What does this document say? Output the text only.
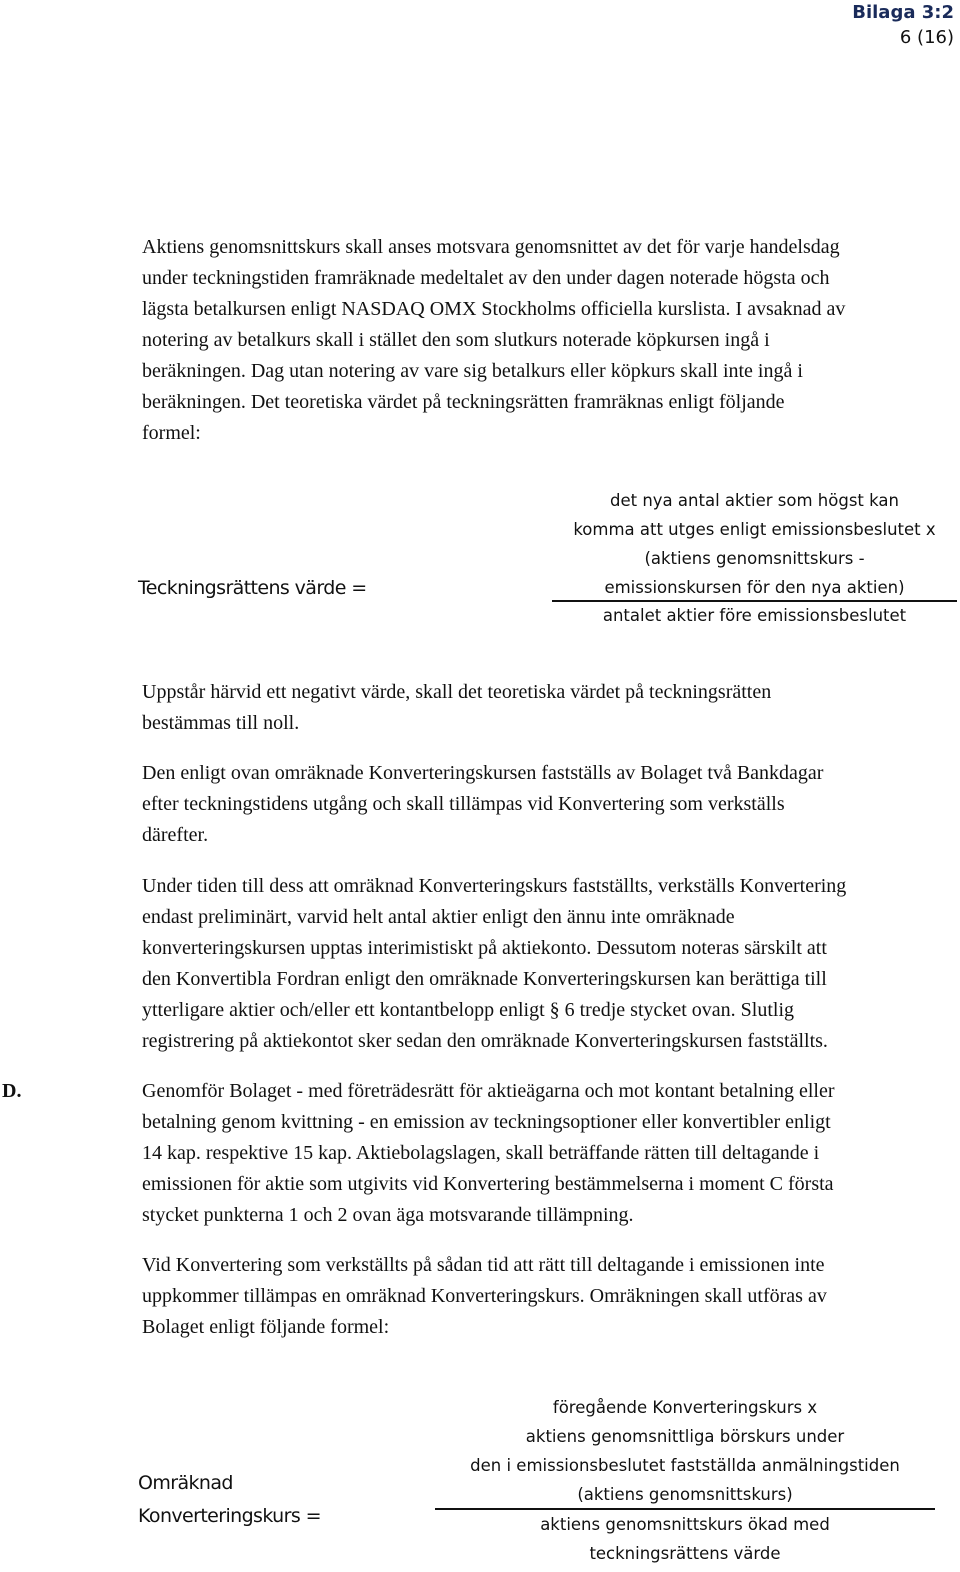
Bilaga 3:2
6 (16)
Aktiens genomsnittskurs skall anses motsvara genomsnittet av det för varje handelsdag
under teckningstiden framräknade medeltalet av den under dagen noterade högsta och
lägsta betalkursen enligt NASDAQ OMX Stockholms officiella kurslista. I avsaknad av
notering av betalkurs skall i stället den som slutkurs noterade köpkursen ingå i
beräkningen. Dag utan notering av vare sig betalkurs eller köpkurs skall inte ingå i
beräkningen. Det teoretiska värdet på teckningsrätten framräknas enligt följande
formel:
Teckningsrättens värde =
det nya antal aktier som högst kan
komma att utges enligt emissionsbeslutet x
(aktiens genomsnittskurs -
emissionskursen för den nya aktien)
antalet aktier före emissionsbeslutet
Uppstår härvid ett negativt värde, skall det teoretiska värdet på teckningsrätten
bestämmas till noll.
Den enligt ovan omräknade Konverteringskursen fastställs av Bolaget två Bankdagar
efter teckningstidens utgång och skall tillämpas vid Konvertering som verkställs
därefter.
Under tiden till dess att omräknad Konverteringskurs fastställts, verkställs Konvertering
endast preliminärt, varvid helt antal aktier enligt den ännu inte omräknade
konverteringskursen upptas interimistiskt på aktiekonto. Dessutom noteras särskilt att
den Konvertibla Fordran enligt den omräknade Konverteringskursen kan berättiga till
ytterligare aktier och/eller ett kontantbelopp enligt § 6 tredje stycket ovan. Slutlig
registrering på aktiekontot sker sedan den omräknade Konverteringskursen fastställts.
D.	Genomför Bolaget - med företrädesrätt för aktieägarna och mot kontant betalning eller
betalning genom kvittning - en emission av teckningsoptioner eller konvertibler enligt
14 kap. respektive 15 kap. Aktiebolagslagen, skall beträffande rätten till deltagande i
emissionen för aktie som utgivits vid Konvertering bestämmelserna i moment C första
stycket punkterna 1 och 2 ovan äga motsvarande tillämpning.
Vid Konvertering som verkställts på sådan tid att rätt till deltagande i emissionen inte
uppkommer tillämpas en omräknad Konverteringskurs. Omräkningen skall utföras av
Bolaget enligt följande formel:
Omräknad
Konverteringskurs =
föregående Konverteringskurs x
aktiens genomsnittliga börskurs under
den i emissionsbeslutet fastställda anmälningstiden
(aktiens genomsnittskurs)
aktiens genomsnittskurs ökad med
teckningsrättens värde
